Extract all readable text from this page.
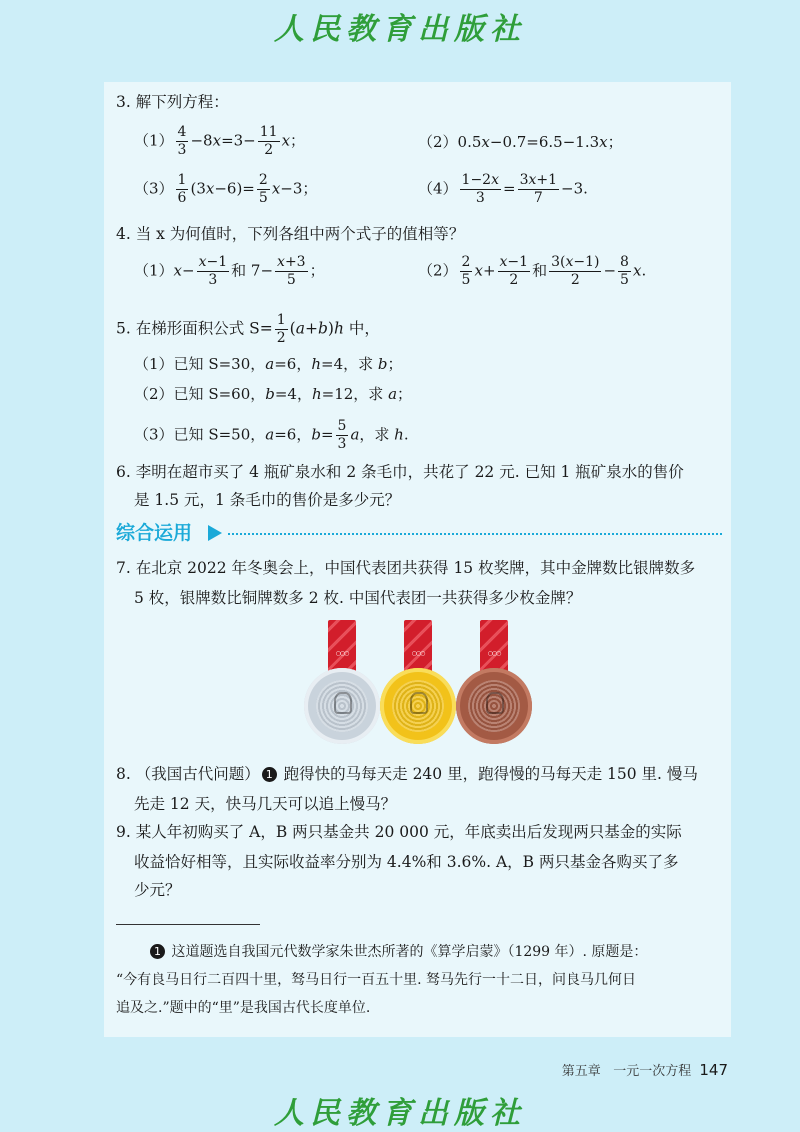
人民教育出版社
3. 解下列方程：
$(1) \frac{4}{3} -8x=3- \frac{11}{2}$ x；	（2）0.5x−0.7=6.5−1.3x；
$(3) \frac{1}{6} (3x-6)= \frac{2}{5} x-3$；	$(4) \frac{1-2x}{3} = \frac{3x+1}{7} -3$.
4. 当 x 为何值时，下列各组中两个式子的值相等？
$(1)x- \frac{x-1}{3}$ 和 $7- \frac{x+3}{5}$ ；	$(2) \frac{2}{5} x+ \frac{x-1}{2}$ 和 $\frac{3(x-1)}{2} - \frac{8}{5} x$.
5. 在梯形面积公式 $S= \frac{1}{2} (a+b)h$ 中，
（1）已知 S=30，a=6，h=4，求 b；
（2）已知 S=60，b=4，h=12，求 a；
（3）已知 S=50，a=6，$b= \frac{5}{3}$ a，求 h.
6. 李明在超市买了 4 瓶矿泉水和 2 条毛巾，共花了 22 元. 已知 1 瓶矿泉水的售价
是 1.5 元，1 条毛巾的售价是多少元？
综合运用
7. 在北京 2022 年冬奥会上，中国代表团共获得 15 枚奖牌，其中金牌数比银牌数多
5 枚，银牌数比铜牌数多 2 枚. 中国代表团一共获得多少枚金牌？
○○○	○○○	○○○
8. （我国古代问题） 1 跑得快的马每天走 240 里，跑得慢的马每天走 150 里. 慢马
先走 12 天，快马几天可以追上慢马？
9. 某人年初购买了 A，B 两只基金共 20 000 元，年底卖出后发现两只基金的实际
收益恰好相等，且实际收益率分别为 4.4%和 3.6%. A，B 两只基金各购买了多
少元？
1 这道题选自我国元代数学家朱世杰所著的《算学启蒙》（1299 年）. 原题是：
“今有良马日行二百四十里，驽马日行一百五十里. 驽马先行一十二日，问良马几何日
追及之.”题中的“里”是我国古代长度单位.
第五章 一元一次方程 147
人民教育出版社
